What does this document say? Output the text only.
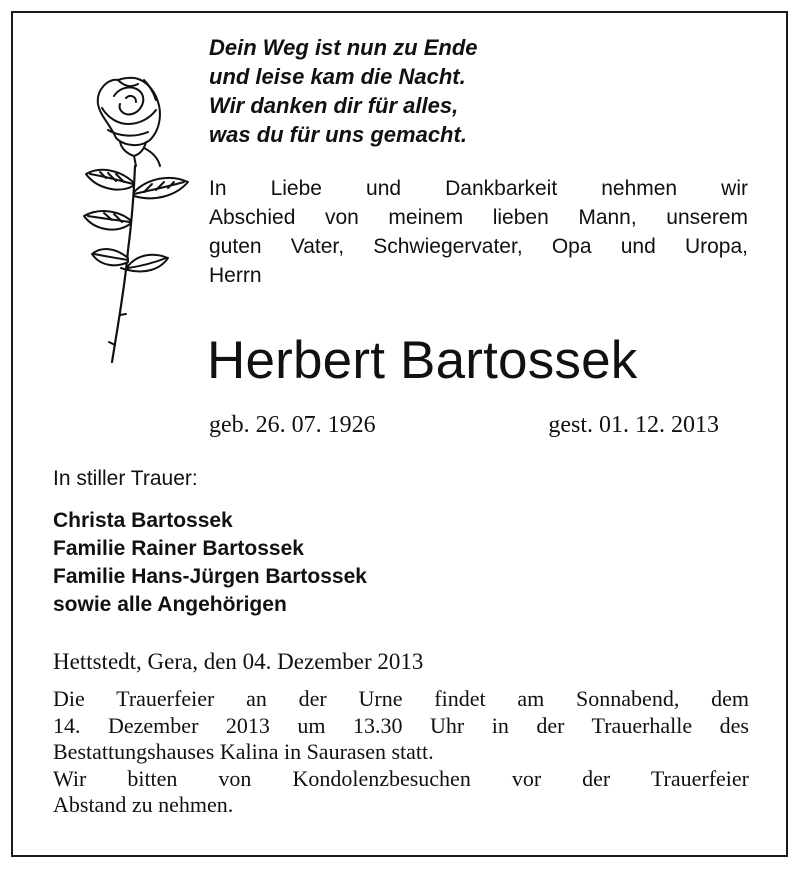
Dein Weg ist nun zu Ende
und leise kam die Nacht.
Wir danken dir für alles,
was du für uns gemacht.
In Liebe und Dankbarkeit nehmen wir
Abschied von meinem lieben Mann, unserem
guten Vater, Schwiegervater, Opa und Uropa,
Herrn
Herbert Bartossek
geb. 26. 07. 1926	gest. 01. 12. 2013
In stiller Trauer:
Christa Bartossek
Familie Rainer Bartossek
Familie Hans-Jürgen Bartossek
sowie alle Angehörigen
Hettstedt, Gera, den 04. Dezember 2013
Die Trauerfeier an der Urne findet am Sonnabend, dem
14. Dezember 2013 um 13.30 Uhr in der Trauerhalle des
Bestattungshauses Kalina in Saurasen statt.
Wir bitten von Kondolenzbesuchen vor der Trauerfeier
Abstand zu nehmen.
